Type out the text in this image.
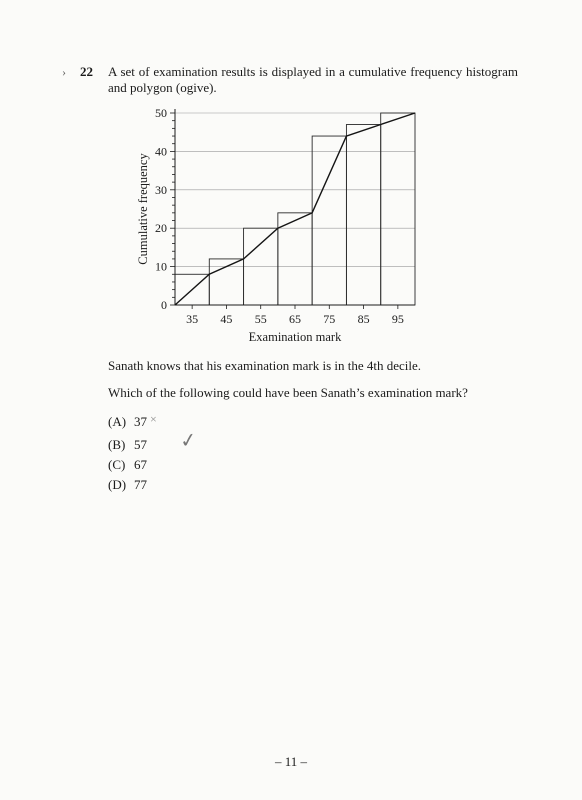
› 22 A set of examination results is displayed in a cumulative frequency histogram and polygon (ogive).
0
10
20
30
40
50
35 45 55 65 75 85 95
Examination mark
Cumulative frequency
Sanath knows that his examination mark is in the 4th decile.
Which of the following could have been Sanath’s examination mark?
(A) 37 ×
(B) 57 ✓
(C) 67
(D) 77
– 11 –
